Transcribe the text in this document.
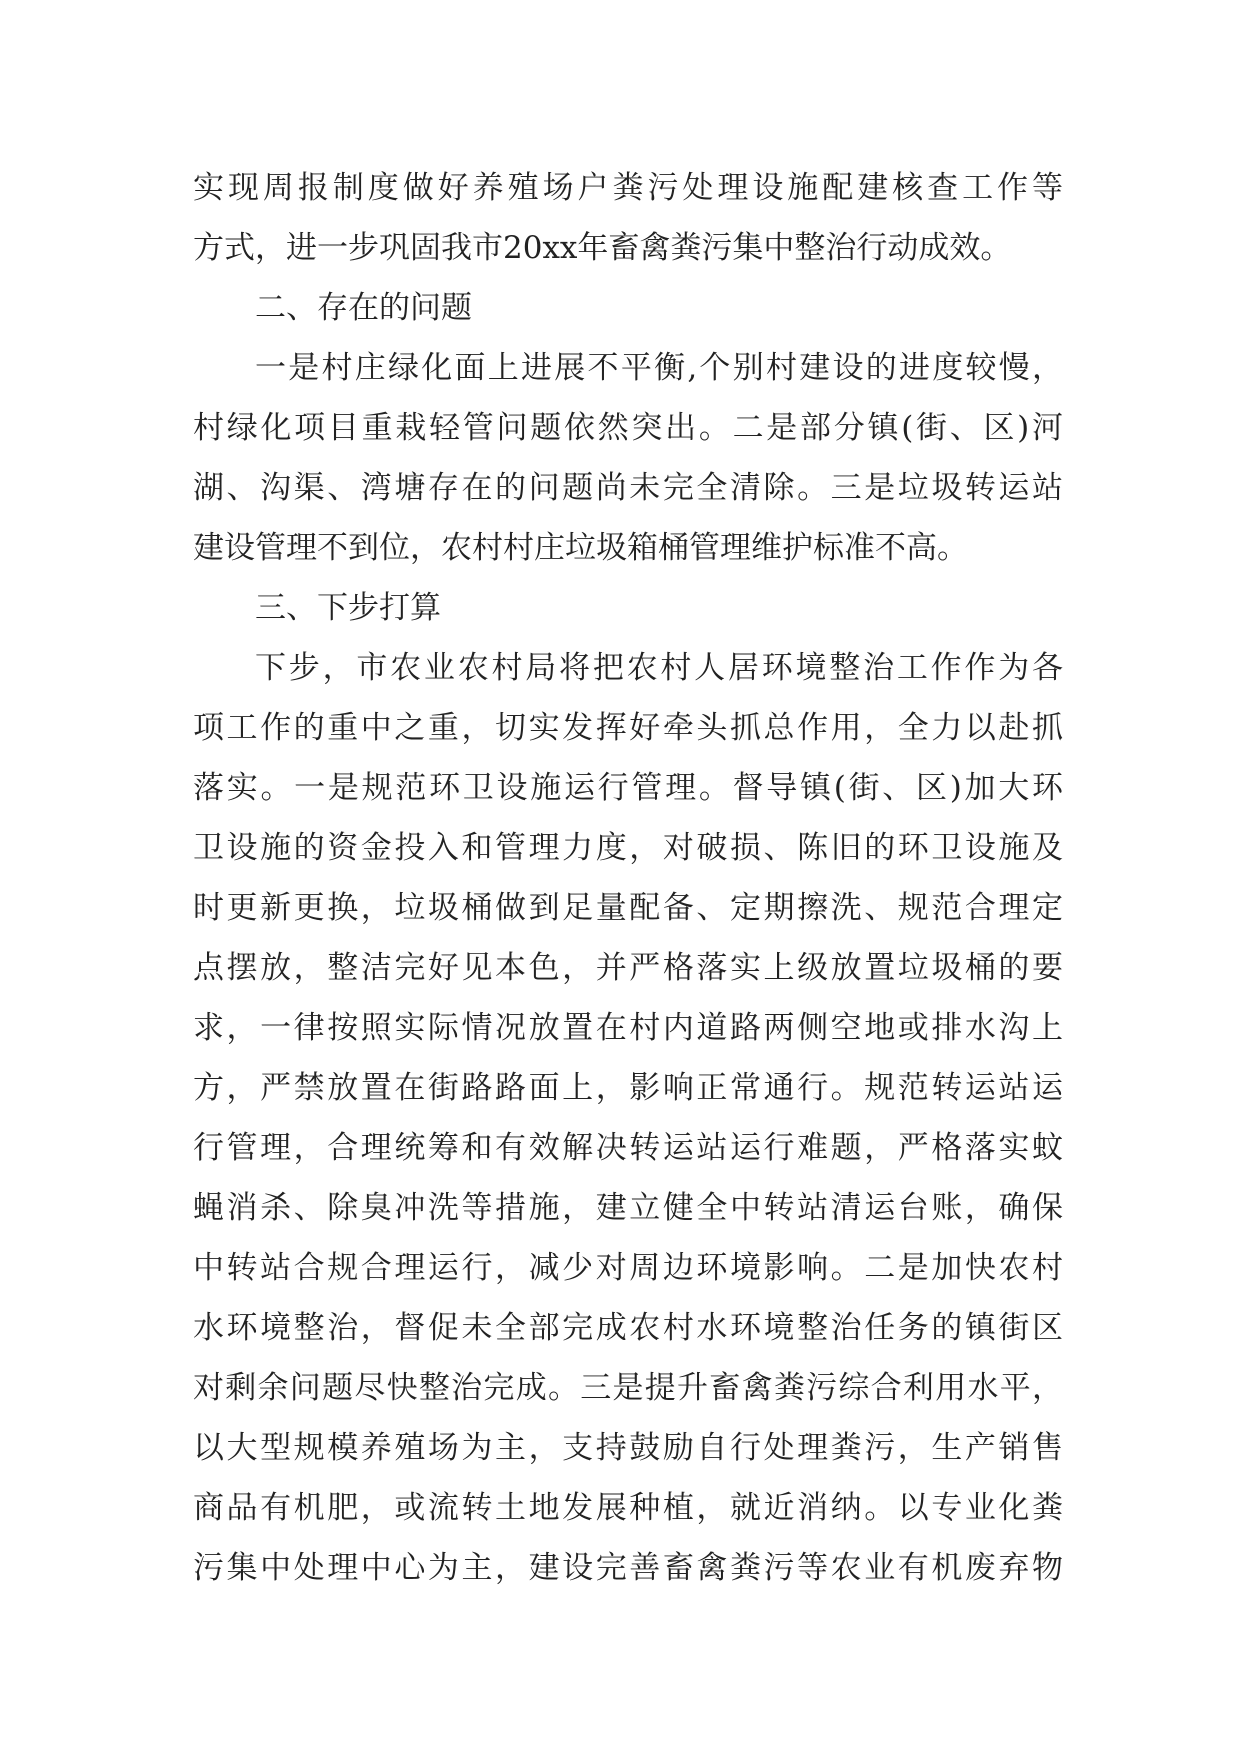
实现周报制度做好养殖场户粪污处理设施配建核查工作等
方式，进一步巩固我市20xx年畜禽粪污集中整治行动成效。
二、存在的问题
一是村庄绿化面上进展不平衡,个别村建设的进度较慢，
村绿化项目重栽轻管问题依然突出。二是部分镇(街、区)河
湖、沟渠、湾塘存在的问题尚未完全清除。三是垃圾转运站
建设管理不到位，农村村庄垃圾箱桶管理维护标准不高。
三、下步打算
下步，市农业农村局将把农村人居环境整治工作作为各
项工作的重中之重，切实发挥好牵头抓总作用，全力以赴抓
落实。一是规范环卫设施运行管理。督导镇(街、区)加大环
卫设施的资金投入和管理力度，对破损、陈旧的环卫设施及
时更新更换，垃圾桶做到足量配备、定期擦洗、规范合理定
点摆放，整洁完好见本色，并严格落实上级放置垃圾桶的要
求，一律按照实际情况放置在村内道路两侧空地或排水沟上
方，严禁放置在街路路面上，影响正常通行。规范转运站运
行管理，合理统筹和有效解决转运站运行难题，严格落实蚊
蝇消杀、除臭冲洗等措施，建立健全中转站清运台账，确保
中转站合规合理运行，减少对周边环境影响。二是加快农村
水环境整治，督促未全部完成农村水环境整治任务的镇街区
对剩余问题尽快整治完成。三是提升畜禽粪污综合利用水平，
以大型规模养殖场为主，支持鼓励自行处理粪污，生产销售
商品有机肥，或流转土地发展种植，就近消纳。以专业化粪
污集中处理中心为主，建设完善畜禽粪污等农业有机废弃物
